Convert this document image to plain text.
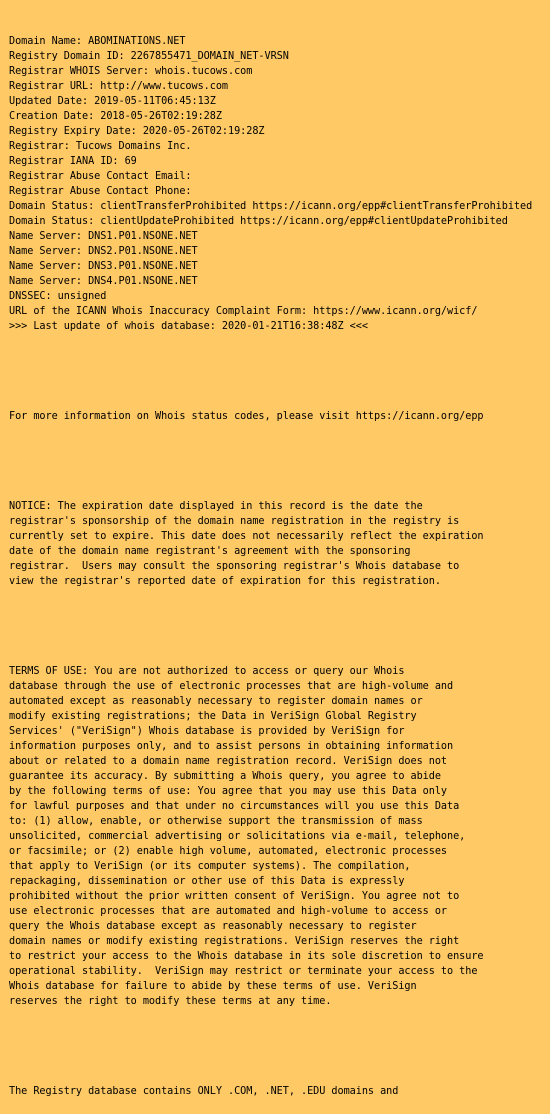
Domain Name: ABOMINATIONS.NET
Registry Domain ID: 2267855471_DOMAIN_NET-VRSN
Registrar WHOIS Server: whois.tucows.com
Registrar URL: http://www.tucows.com
Updated Date: 2019-05-11T06:45:13Z
Creation Date: 2018-05-26T02:19:28Z
Registry Expiry Date: 2020-05-26T02:19:28Z
Registrar: Tucows Domains Inc.
Registrar IANA ID: 69
Registrar Abuse Contact Email:
Registrar Abuse Contact Phone:
Domain Status: clientTransferProhibited https://icann.org/epp#clientTransferProhibited
Domain Status: clientUpdateProhibited https://icann.org/epp#clientUpdateProhibited
Name Server: DNS1.P01.NSONE.NET
Name Server: DNS2.P01.NSONE.NET
Name Server: DNS3.P01.NSONE.NET
Name Server: DNS4.P01.NSONE.NET
DNSSEC: unsigned
URL of the ICANN Whois Inaccuracy Complaint Form: https://www.icann.org/wicf/
>>> Last update of whois database: 2020-01-21T16:38:48Z <<<

For more information on Whois status codes, please visit https://icann.org/epp

NOTICE: The expiration date displayed in this record is the date the
registrar's sponsorship of the domain name registration in the registry is
currently set to expire. This date does not necessarily reflect the expiration
date of the domain name registrant's agreement with the sponsoring
registrar.  Users may consult the sponsoring registrar's Whois database to
view the registrar's reported date of expiration for this registration.

TERMS OF USE: You are not authorized to access or query our Whois
database through the use of electronic processes that are high-volume and
automated except as reasonably necessary to register domain names or
modify existing registrations; the Data in VeriSign Global Registry
Services' ("VeriSign") Whois database is provided by VeriSign for
information purposes only, and to assist persons in obtaining information
about or related to a domain name registration record. VeriSign does not
guarantee its accuracy. By submitting a Whois query, you agree to abide
by the following terms of use: You agree that you may use this Data only
for lawful purposes and that under no circumstances will you use this Data
to: (1) allow, enable, or otherwise support the transmission of mass
unsolicited, commercial advertising or solicitations via e-mail, telephone,
or facsimile; or (2) enable high volume, automated, electronic processes
that apply to VeriSign (or its computer systems). The compilation,
repackaging, dissemination or other use of this Data is expressly
prohibited without the prior written consent of VeriSign. You agree not to
use electronic processes that are automated and high-volume to access or
query the Whois database except as reasonably necessary to register
domain names or modify existing registrations. VeriSign reserves the right
to restrict your access to the Whois database in its sole discretion to ensure
operational stability.  VeriSign may restrict or terminate your access to the
Whois database for failure to abide by these terms of use. VeriSign
reserves the right to modify these terms at any time.

The Registry database contains ONLY .COM, .NET, .EDU domains and
